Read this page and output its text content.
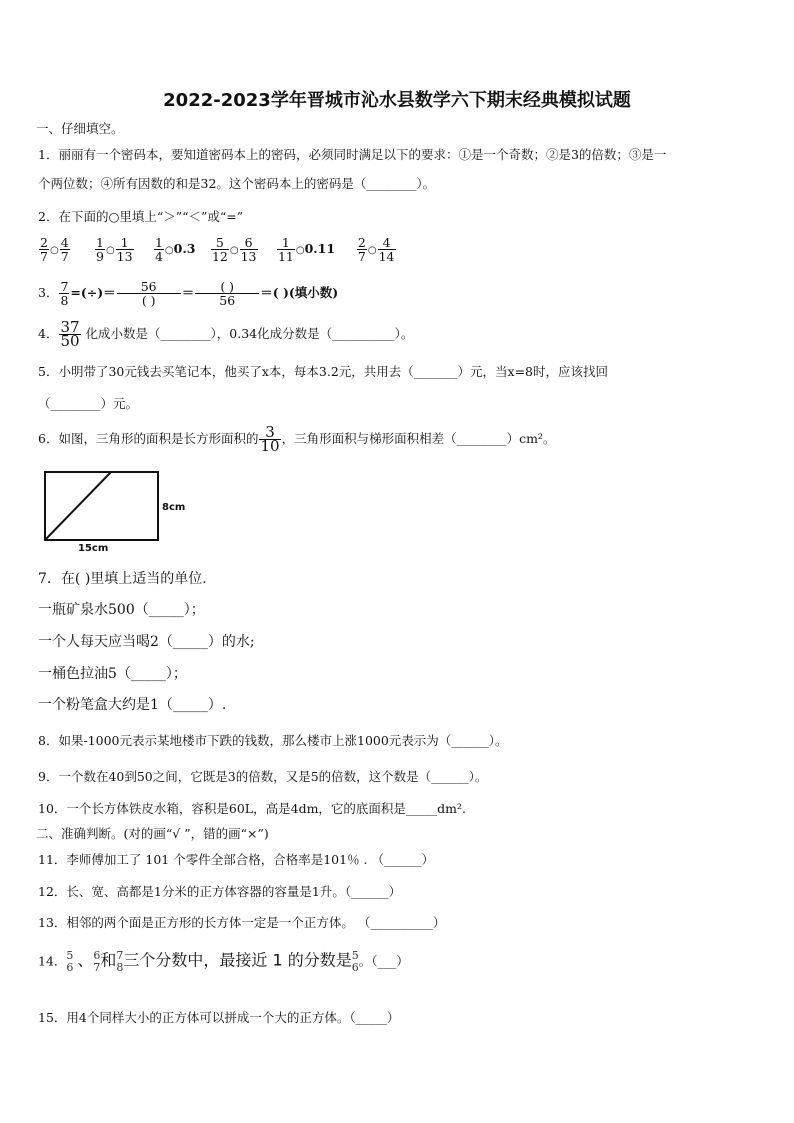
2022-2023学年晋城市沁水县数学六下期末经典模拟试题
一、仔细填空。
1．丽丽有一个密码本，要知道密码本上的密码，必须同时满足以下的要求：①是一个奇数；②是3的倍数；③是一
个两位数；④所有因数的和是32。这个密码本上的密码是（________）。
2．在下面的○里填上“＞”“＜”或“=”
$\frac{2}{7}$ ○ $\frac{4}{7}$
$\frac{1}{9}$ ○ $\frac{1}{13}$
$\frac{1}{4}$ ○0.3 $\frac{5}{12}$ ○ $\frac{6}{13}$
$\frac{1}{11}$ ○0.11 $\frac{2}{7}$ ○ $\frac{4}{14}$
3． $\frac{7}{8}$ =(÷)＝ $\frac{56}{( )} = \frac{( )}{56}$ ＝( )(填小数)
4． $\frac{37}{50}$ 化成小数是（________），0.34化成分数是（__________）。
5．小明带了30元钱去买笔记本，他买了x本，每本3.2元，共用去（_______）元，当x=8时，应该找回
（________）元。
6．如图，三角形的面积是长方形面积的 $\frac{3}{10}$ ，三角形面积与梯形面积相差（________）cm²。
8cm
15cm
7．在( )里填上适当的单位.
一瓶矿泉水500（_____）；
一个人每天应当喝2（_____）的水;
一桶色拉油5（_____）；
一个粉笔盒大约是1（_____）.
8．如果-1000元表示某地楼市下跌的钱数，那么楼市上涨1000元表示为（______）。
9．一个数在40到50之间，它既是3的倍数，又是5的倍数，这个数是（______）。
10．一个长方体铁皮水箱，容积是60L，高是4dm，它的底面积是_____dm².
二、准确判断。(对的画“√ ”，错的画“×”)
11．李师傅加工了 101 个零件全部合格，合格率是101％ . （______）
12．长、宽、高都是1分米的正方体容器的容量是1升。（______）
13．相邻的两个面是正方形的长方体一定是一个正方体。 （__________）
14． 5
6 、 6
7 和 7
8 三个分数中，最接近 1 的分数是 5
6 。（___）
15．用4个同样大小的正方体可以拼成一个大的正方体。（_____）
